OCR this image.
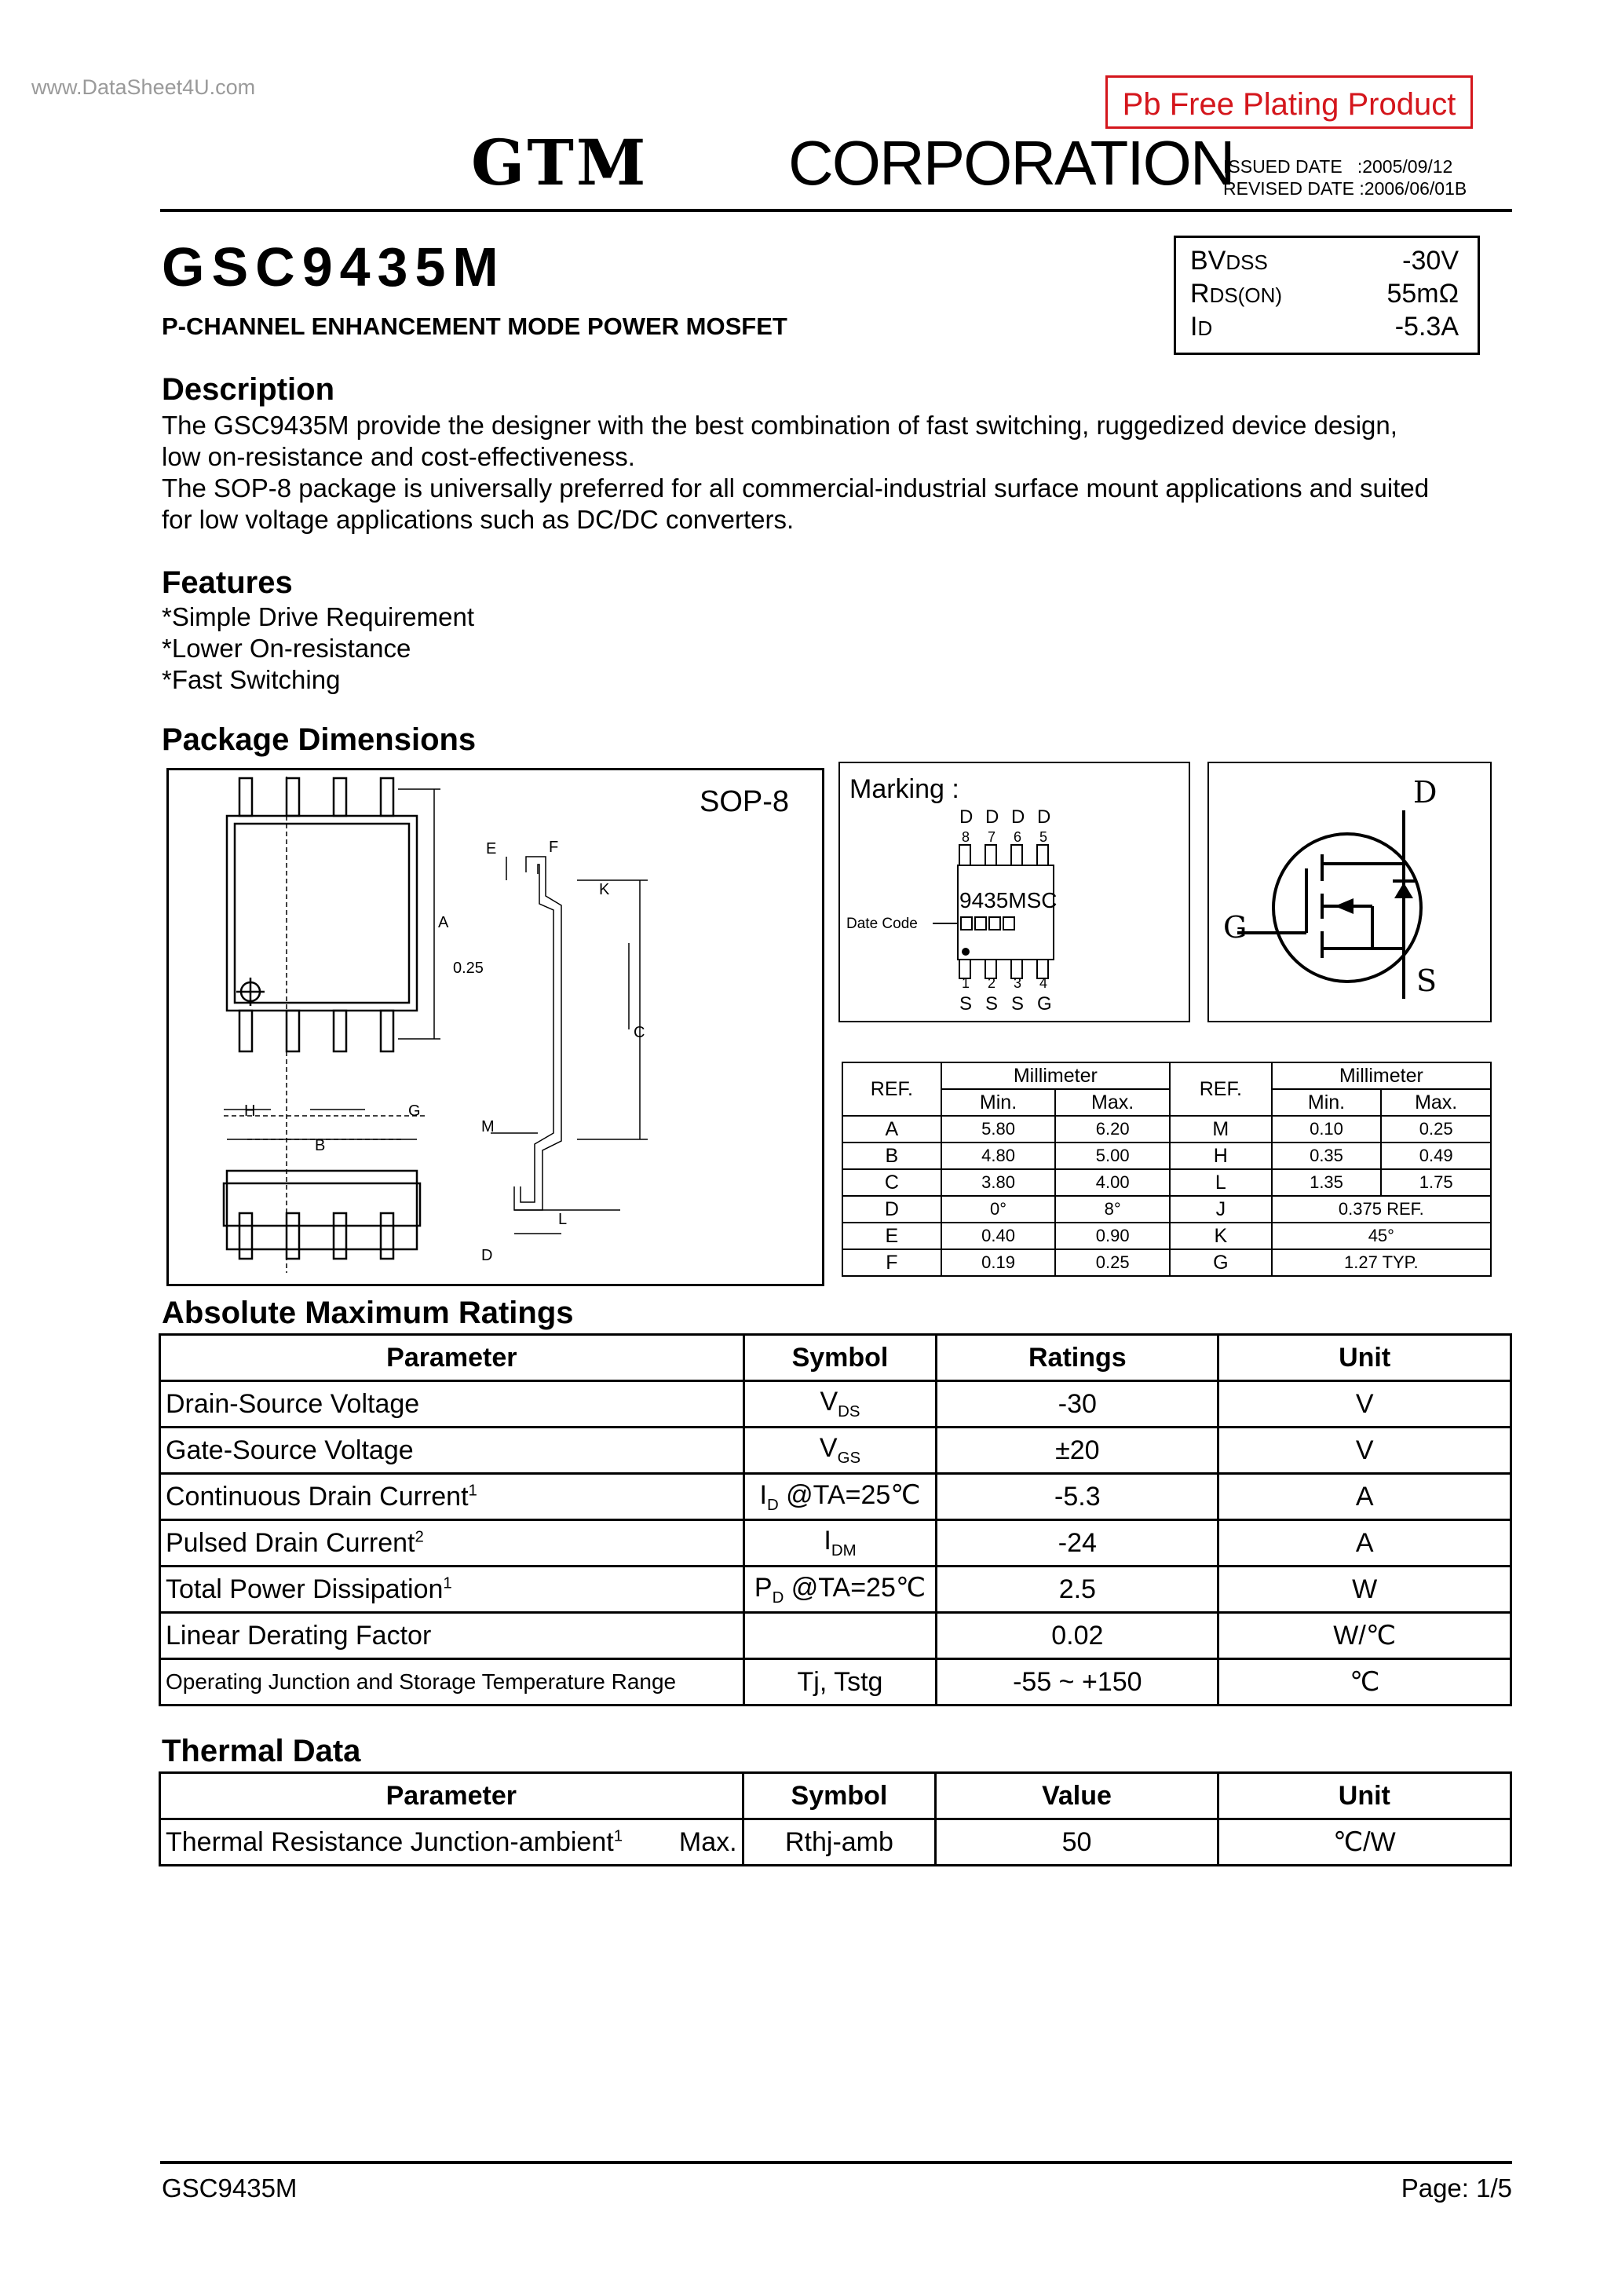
www.DataSheet4U.com	Pb Free Plating Product
GTM CORPORATION
ISSUED DATE   :2005/09/12
REVISED DATE :2006/06/01B
GSC9435M
P-CHANNEL ENHANCEMENT MODE POWER MOSFET
BVDSS	-30V
RDS(ON)	55mΩ
ID	-5.3A
Description
The GSC9435M provide the designer with the best combination of fast switching, ruggedized device design,
low on-resistance and cost-effectiveness.
The SOP-8 package is universally preferred for all commercial-industrial surface mount applications and suited
for low voltage applications such as DC/DC converters.
Features
*Simple Drive Requirement
*Lower On-resistance
*Fast Switching
Package Dimensions
SOP-8
A
B
C
E	F
H	G
K
L
M
D
0.25
Marking :
D D D D
8 7 6 5
9435MSC
Date Code
1 2 3 4
S S S G
D
G
S
REF.	Millimeter		REF.	Millimeter	
	Min.	Max.		Min.	Max.
A	5.80	6.20	M	0.10	0.25
B	4.80	5.00	H	0.35	0.49
C	3.80	4.00	L	1.35	1.75
D	0°	8°	J	0.375 REF.	
E	0.40	0.90	K	45°	
F	0.19	0.25	G	1.27 TYP.	
Absolute Maximum Ratings
Parameter	Symbol	Ratings	Unit
Drain-Source Voltage	$V_{DS}$	-30	V
Gate-Source Voltage	$V_{GS}$	±20	V
Continuous Drain Current$^1$	$I_D$ @TA=25℃	-5.3	A
Pulsed Drain Current$^2$	$I_{DM}$	-24	A
Total Power Dissipation$^1$	$P_D$ @TA=25℃	2.5	W
Linear Derating Factor		0.02	W/℃
Operating Junction and Storage Temperature Range	Tj, Tstg	-55 ~ +150	℃
Thermal Data
Parameter	Symbol	Value	Unit
Thermal Resistance Junction-ambient$^1$ Max.	Rthj-amb	50	℃/W
GSC9435M	Page: 1/5
